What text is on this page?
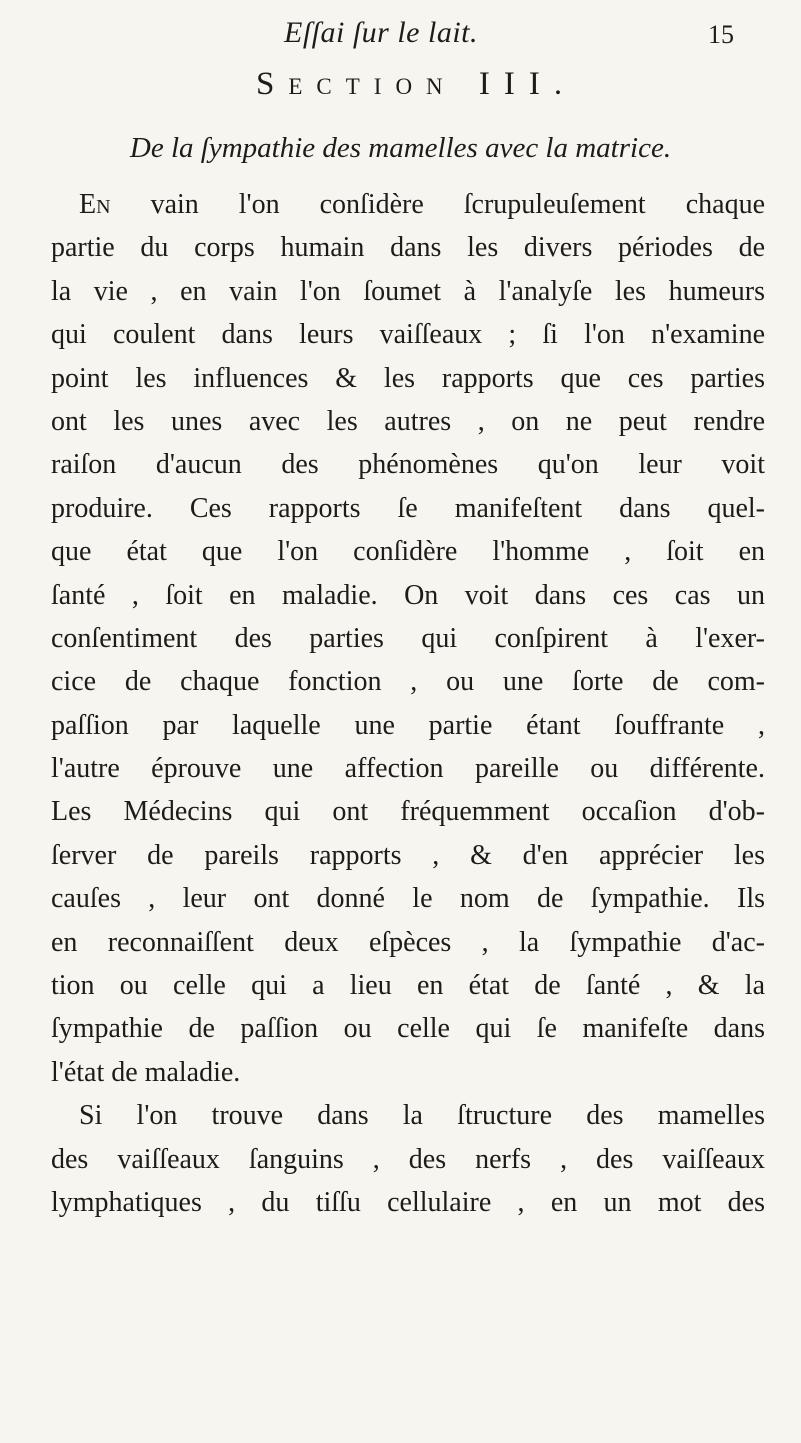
Eſſai ſur le lait.	15
Section III.
De la ſympathie des mamelles avec la matrice.
En vain l'on conſidère ſcrupuleuſement chaque
partie du corps humain dans les divers périodes de
la vie , en vain l'on ſoumet à l'analyſe les humeurs
qui coulent dans leurs vaiſſeaux ; ſi l'on n'examine
point les influences & les rapports que ces parties
ont les unes avec les autres , on ne peut rendre
raiſon d'aucun des phénomènes qu'on leur voit
produire. Ces rapports ſe manifeſtent dans quel-
que état que l'on conſidère l'homme , ſoit en
ſanté , ſoit en maladie. On voit dans ces cas un
conſentiment des parties qui conſpirent à l'exer-
cice de chaque fonction , ou une ſorte de com-
paſſion par laquelle une partie étant ſouffrante ,
l'autre éprouve une affection pareille ou différente.
Les Médecins qui ont fréquemment occaſion d'ob-
ſerver de pareils rapports , & d'en apprécier les
cauſes , leur ont donné le nom de ſympathie. Ils
en reconnaiſſent deux eſpèces , la ſympathie d'ac-
tion ou celle qui a lieu en état de ſanté , & la
ſympathie de paſſion ou celle qui ſe manifeſte dans
l'état de maladie.
Si l'on trouve dans la ſtructure des mamelles
des vaiſſeaux ſanguins , des nerfs , des vaiſſeaux
lymphatiques , du tiſſu cellulaire , en un mot des
